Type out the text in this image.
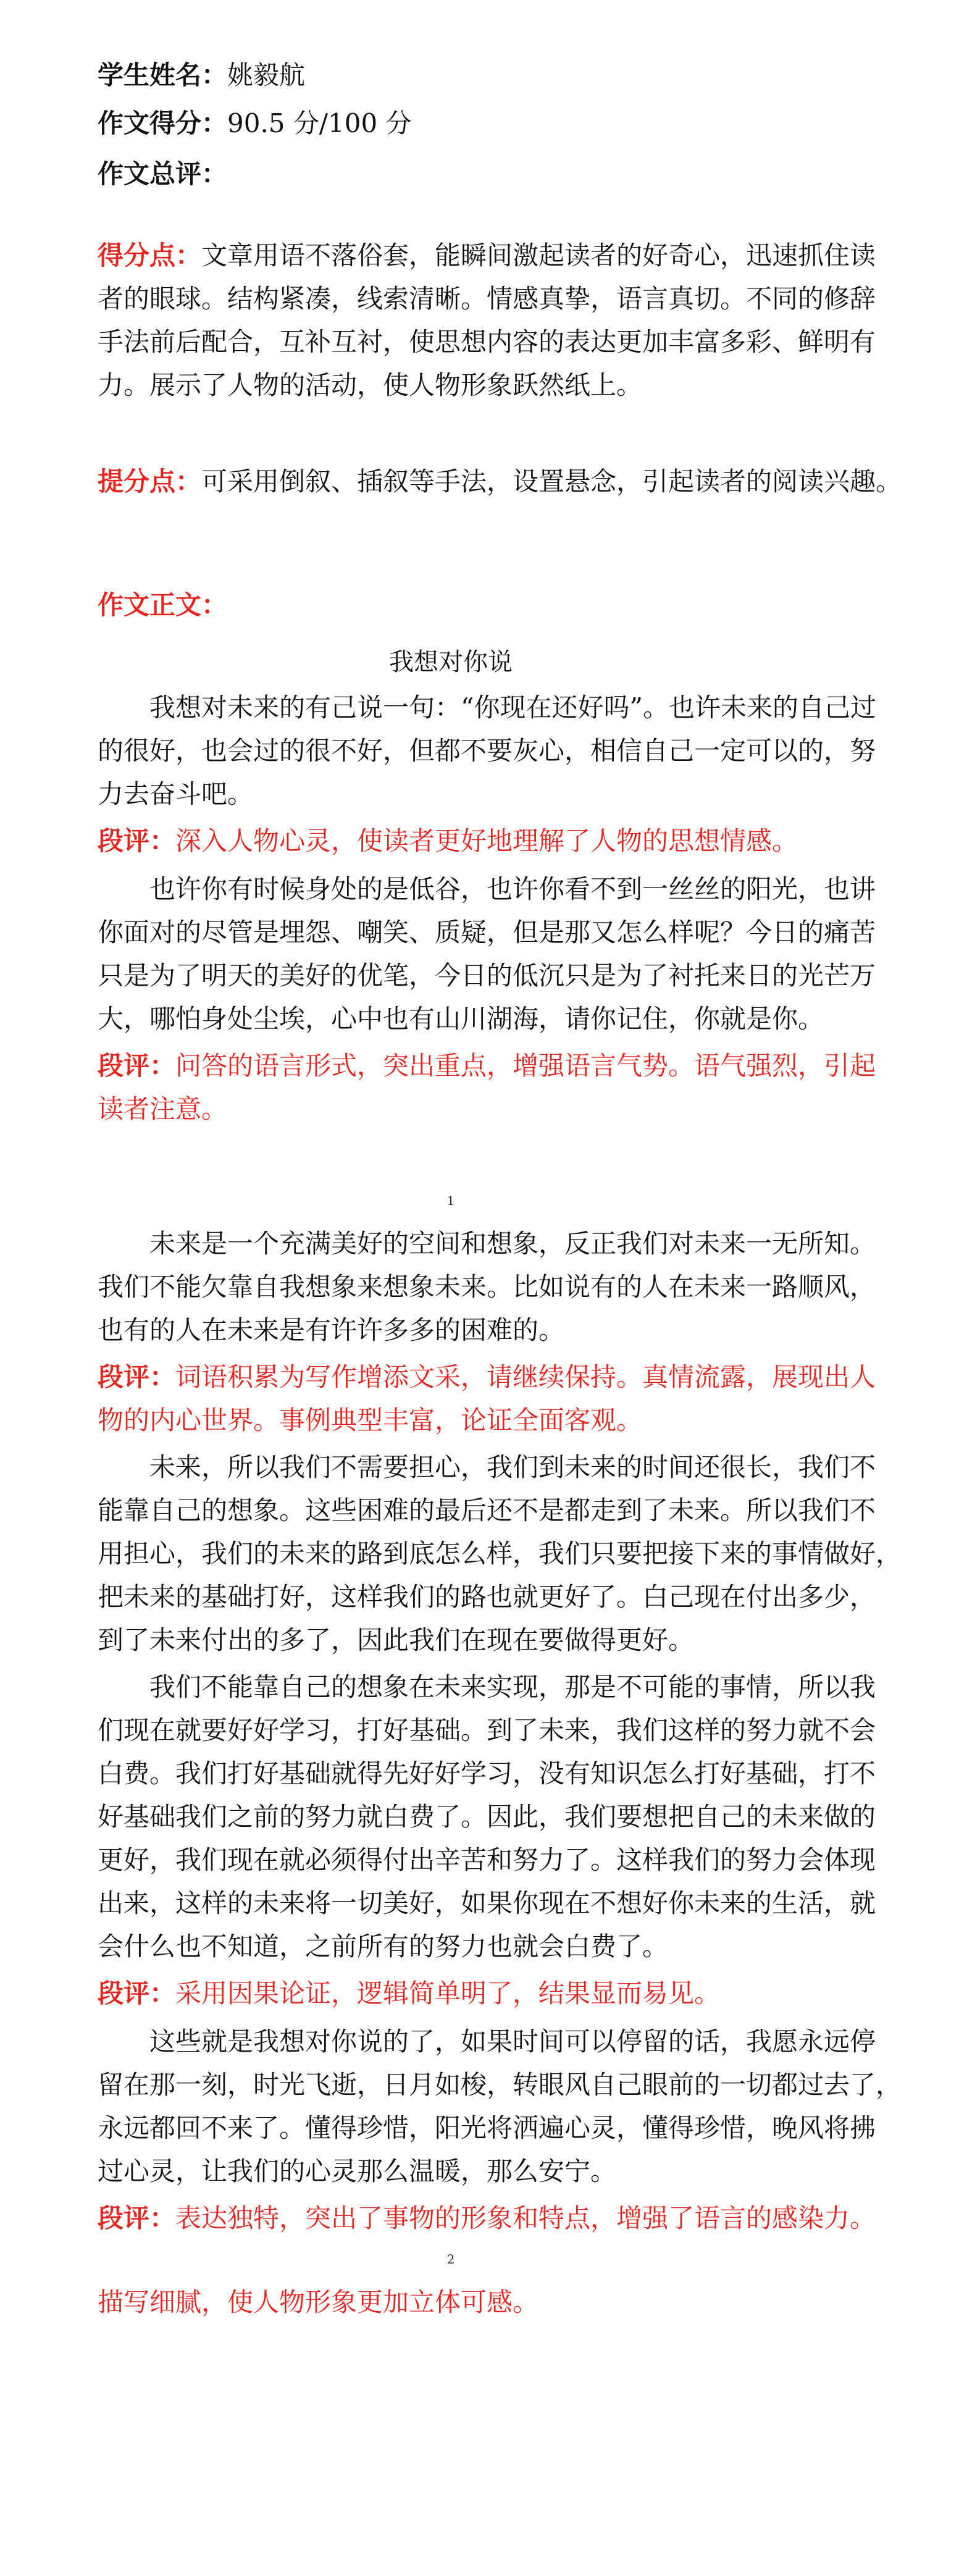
学生姓名：姚毅航
作文得分：90.5 分/100 分
作文总评：
得分点：文章用语不落俗套，能瞬间激起读者的好奇心，迅速抓住读
者的眼球。结构紧凑，线索清晰。情感真挚，语言真切。不同的修辞
手法前后配合，互补互衬，使思想内容的表达更加丰富多彩、鲜明有
力。展示了人物的活动，使人物形象跃然纸上。
提分点：可采用倒叙、插叙等手法，设置悬念，引起读者的阅读兴趣。
作文正文：
我想对你说
我想对未来的有己说一句：“你现在还好吗”。也许未来的自己过
的很好，也会过的很不好，但都不要灰心，相信自己一定可以的，努
力去奋斗吧。
段评：深入人物心灵，使读者更好地理解了人物的思想情感。
也许你有时候身处的是低谷，也许你看不到一丝丝的阳光，也讲
你面对的尽管是埋怨、嘲笑、质疑，但是那又怎么样呢？今日的痛苦
只是为了明天的美好的优笔，今日的低沉只是为了衬托来日的光芒万
大，哪怕身处尘埃，心中也有山川湖海，请你记住，你就是你。
段评：问答的语言形式，突出重点，增强语言气势。语气强烈，引起
读者注意。
1
未来是一个充满美好的空间和想象，反正我们对未来一无所知。
我们不能欠靠自我想象来想象未来。比如说有的人在未来一路顺风，
也有的人在未来是有许许多多的困难的。
段评：词语积累为写作增添文采，请继续保持。真情流露，展现出人
物的内心世界。事例典型丰富，论证全面客观。
未来，所以我们不需要担心，我们到未来的时间还很长，我们不
能靠自己的想象。这些困难的最后还不是都走到了未来。所以我们不
用担心，我们的未来的路到底怎么样，我们只要把接下来的事情做好，
把未来的基础打好，这样我们的路也就更好了。白己现在付出多少，
到了未来付出的多了，因此我们在现在要做得更好。
我们不能靠自己的想象在未来实现，那是不可能的事情，所以我
们现在就要好好学习，打好基础。到了未来，我们这样的努力就不会
白费。我们打好基础就得先好好学习，没有知识怎么打好基础，打不
好基础我们之前的努力就白费了。因此，我们要想把自己的未来做的
更好，我们现在就必须得付出辛苦和努力了。这样我们的努力会体现
出来，这样的未来将一切美好，如果你现在不想好你未来的生活，就
会什么也不知道，之前所有的努力也就会白费了。
段评：采用因果论证，逻辑简单明了，结果显而易见。
这些就是我想对你说的了，如果时间可以停留的话，我愿永远停
留在那一刻，时光飞逝，日月如梭，转眼风自己眼前的一切都过去了，
永远都回不来了。懂得珍惜，阳光将洒遍心灵，懂得珍惜，晚风将拂
过心灵，让我们的心灵那么温暖，那么安宁。
段评：表达独特，突出了事物的形象和特点，增强了语言的感染力。
2
描写细腻，使人物形象更加立体可感。
